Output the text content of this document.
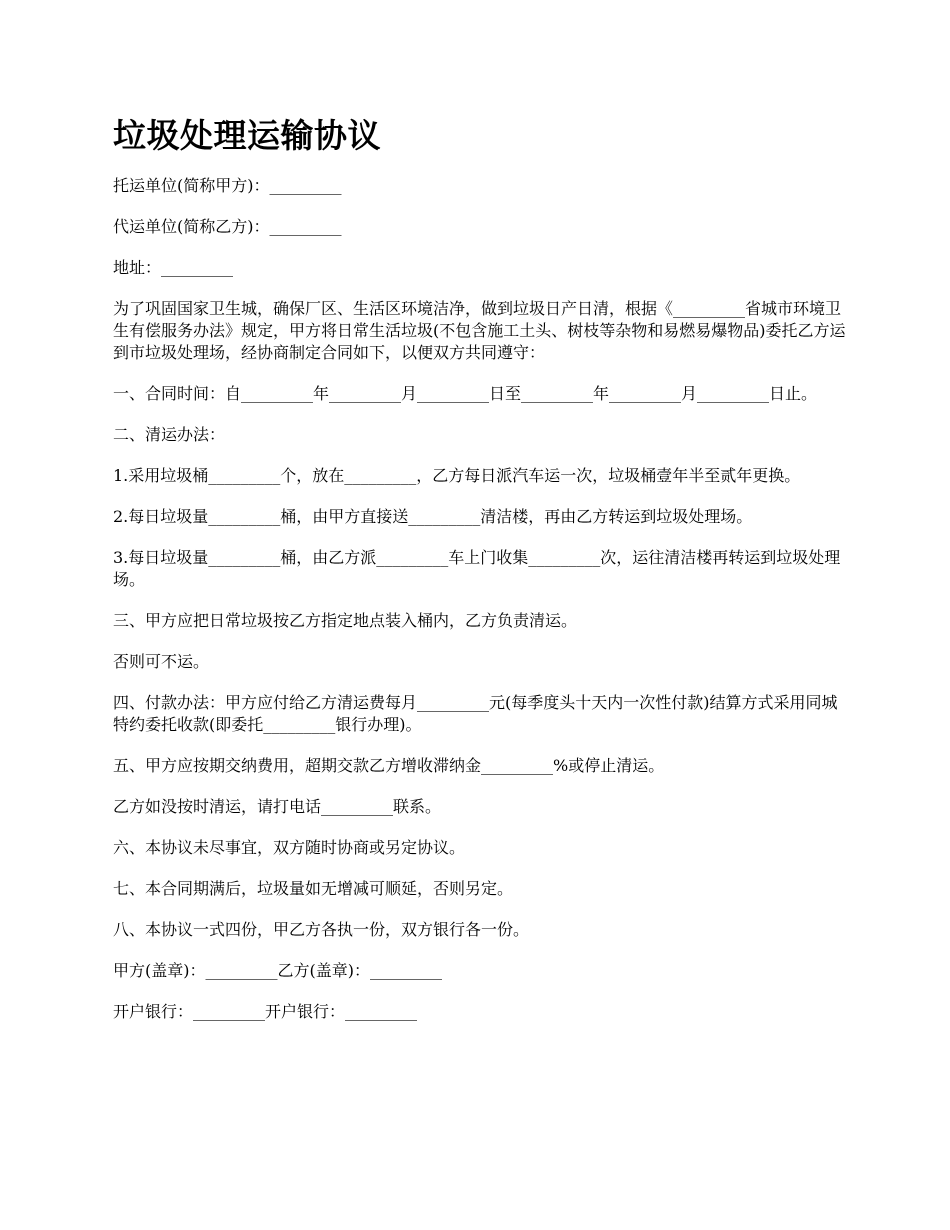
垃圾处理运输协议

托运单位(简称甲方)：_________

代运单位(简称乙方)：_________

地址：_________

为了巩固国家卫生城，确保厂区、生活区环境洁净，做到垃圾日产日清，根据《_________省城市环境卫生有偿服务办法》规定，甲方将日常生活垃圾(不包含施工土头、树枝等杂物和易燃易爆物品)委托乙方运到市垃圾处理场，经协商制定合同如下，以便双方共同遵守：

一、合同时间：自_________年_________月_________日至_________年_________月_________日止。

二、清运办法：

1.采用垃圾桶_________个，放在_________，乙方每日派汽车运一次，垃圾桶壹年半至贰年更换。

2.每日垃圾量_________桶，由甲方直接送_________清洁楼，再由乙方转运到垃圾处理场。

3.每日垃圾量_________桶，由乙方派_________车上门收集_________次，运往清洁楼再转运到垃圾处理场。

三、甲方应把日常垃圾按乙方指定地点装入桶内，乙方负责清运。

否则可不运。

四、付款办法：甲方应付给乙方清运费每月_________元(每季度头十天内一次性付款)结算方式采用同城特约委托收款(即委托_________银行办理)。

五、甲方应按期交纳费用，超期交款乙方增收滞纳金_________%或停止清运。

乙方如没按时清运，请打电话_________联系。

六、本协议未尽事宜，双方随时协商或另定协议。

七、本合同期满后，垃圾量如无增减可顺延，否则另定。

八、本协议一式四份，甲乙方各执一份，双方银行各一份。

甲方(盖章)：_________乙方(盖章)：_________

开户银行：_________开户银行：_________
